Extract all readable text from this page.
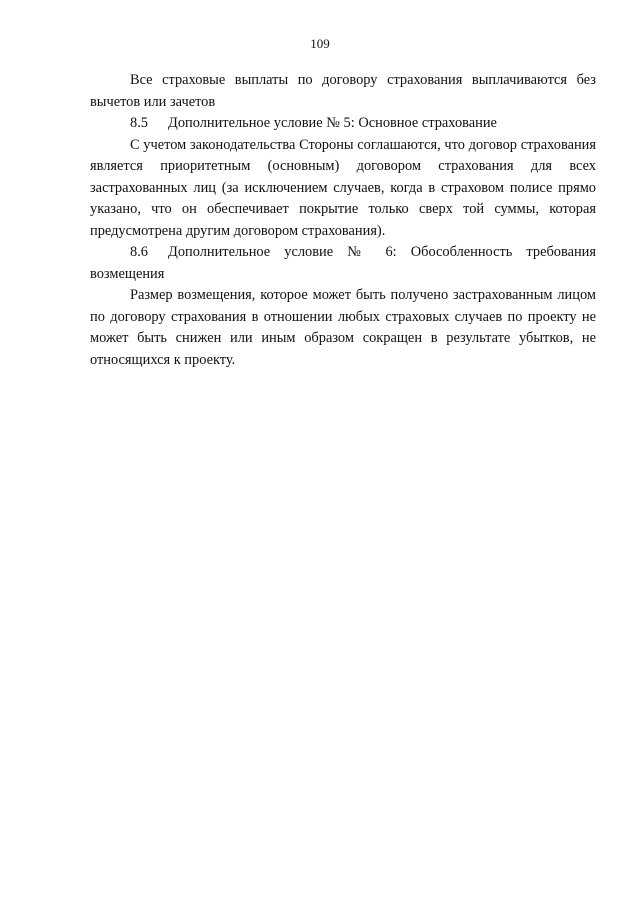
109

Все страховые выплаты по договору страхования выплачиваются без вычетов или зачетов

8.5 Дополнительное условие № 5: Основное страхование

С учетом законодательства Стороны соглашаются, что договор страхования является приоритетным (основным) договором страхования для всех застрахованных лиц (за исключением случаев, когда в страховом полисе прямо указано, что он обеспечивает покрытие только сверх той суммы, которая предусмотрена другим договором страхования).

8.6 Дополнительное условие № 6: Обособленность требования возмещения

Размер возмещения, которое может быть получено застрахованным лицом по договору страхования в отношении любых страховых случаев по проекту не может быть снижен или иным образом сокращен в результате убытков, не относящихся к проекту.
